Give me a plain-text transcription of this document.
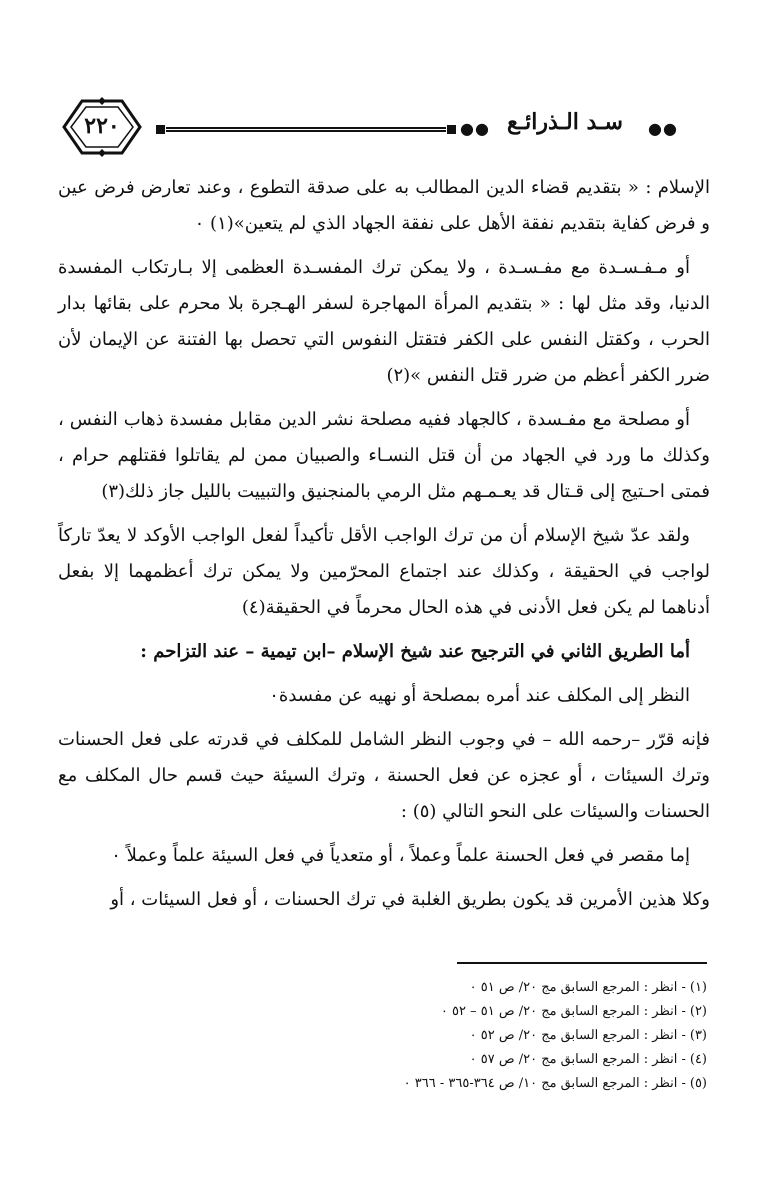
٢٢٠	●● سـد الـذرائـع	●●

الإسلام : « بتقديم قضاء الدين المطالب به على صدقة التطوع ، وعند تعارض فرض عين و فرض كفاية بتقديم نفقة الأهل على نفقة الجهاد الذي لم يتعين»(١) ٠

أو مـفـسـدة مع مفـسـدة ، ولا يمكن ترك المفسـدة العظمى إلا بـارتكاب المفسدة الدنيا، وقد مثل لها : « بتقديم المرأة المهاجرة لسفر الهـجرة بلا محرم على بقائها بدار الحرب ، وكقتل النفس على الكفر فتقتل النفوس التي تحصل بها الفتنة عن الإيمان لأن ضرر الكفر أعظم من ضرر قتل النفس »(٢)

أو مصلحة مع مفـسدة ، كالجهاد ففيه مصلحة نشر الدين مقابل مفسدة ذهاب النفس ، وكذلك ما ورد في الجهاد من أن قتل النسـاء والصبيان ممن لم يقاتلوا فقتلهم حرام ، فمتى احـتيج إلى قـتال قد يعـمـهم مثل الرمي بالمنجنيق والتبييت بالليل جاز ذلك(٣)

ولقد عدّ شيخ الإسلام أن من ترك الواجب الأقل تأكيداً لفعل الواجب الأوكد لا يعدّ تاركاً لواجب في الحقيقة ، وكذلك عند اجتماع المحرّمين ولا يمكن ترك أعظمهما إلا بفعل أدناهما لم يكن فعل الأدنى في هذه الحال محرماً في الحقيقة(٤)

أما الطريق الثاني في الترجيح عند شيخ الإسلام –ابن تيمية – عند التزاحم :

النظر إلى المكلف عند أمره بمصلحة أو نهيه عن مفسدة٠

فإنه قرّر –رحمه الله – في وجوب النظر الشامل للمكلف في قدرته على فعل الحسنات وترك السيئات ، أو عجزه عن فعل الحسنة ، وترك السيئة حيث قسم حال المكلف مع الحسنات والسيئات على النحو التالي (٥) :

إما مقصر في فعل الحسنة علماً وعملاً ، أو متعدياً في فعل السيئة علماً وعملاً ٠

وكلا هذين الأمرين قد يكون بطريق الغلبة في ترك الحسنات ، أو فعل السيئات ، أو

(١)- انظر : المرجع السابق مج ٢٠/ ص ٥١ ٠
(٢)- انظر : المرجع السابق مج ٢٠/ ص ٥١ – ٥٢ ٠
(٣)- انظر : المرجع السابق مج ٢٠/ ص ٥٢ ٠
(٤)- انظر : المرجع السابق مج ٢٠/ ص ٥٧ ٠
(٥)- انظر : المرجع السابق مج ١٠/ ص ٣٦٤-٣٦٥ - ٣٦٦ ٠
